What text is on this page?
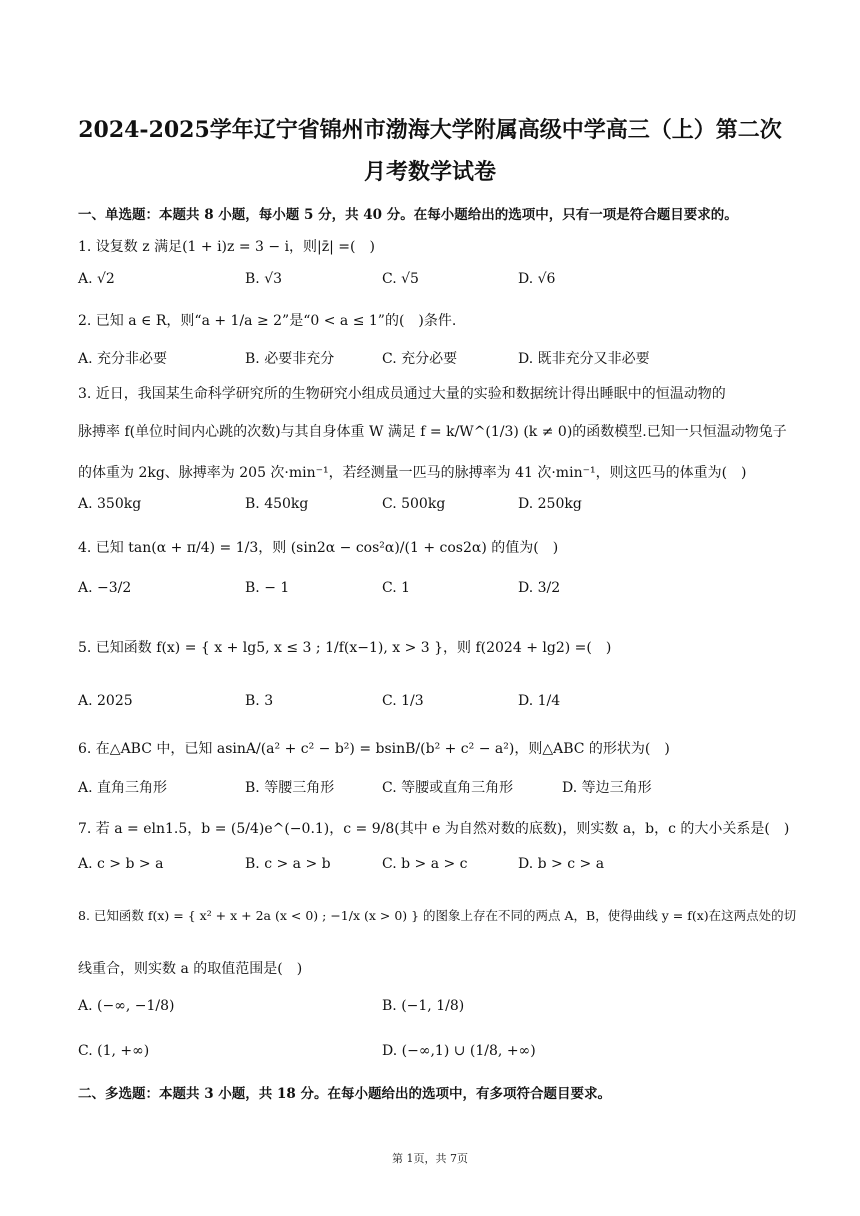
2024-2025学年辽宁省锦州市渤海大学附属高级中学高三（上）第二次
月考数学试卷
一、单选题：本题共 8 小题，每小题 5 分，共 40 分。在每小题给出的选项中，只有一项是符合题目要求的。
1. 设复数 z 满足(1 + i)z = 3 − i，则|z̄| =(　)
A. √2	B. √3	C. √5	D. √6
2. 已知 a ∈ R，则“a + 1/a ≥ 2”是“0 < a ≤ 1”的(　)条件.
A. 充分非必要	B. 必要非充分	C. 充分必要	D. 既非充分又非必要
3. 近日，我国某生命科学研究所的生物研究小组成员通过大量的实验和数据统计得出睡眠中的恒温动物的
脉搏率 f(单位时间内心跳的次数)与其自身体重 W 满足 f = k/W^(1/3) (k ≠ 0)的函数模型.已知一只恒温动物兔子
的体重为 2kg、脉搏率为 205 次·min⁻¹，若经测量一匹马的脉搏率为 41 次·min⁻¹，则这匹马的体重为(　)
A. 350kg	B. 450kg	C. 500kg	D. 250kg
4. 已知 tan(α + π/4) = 1/3，则 (sin2α − cos²α)/(1 + cos2α) 的值为(　)
A. −3/2	B. − 1	C. 1	D. 3/2
5. 已知函数 f(x) = { x + lg5, x ≤ 3 ; 1/f(x−1), x > 3 }，则 f(2024 + lg2) =(　)
A. 2025	B. 3	C. 1/3	D. 1/4
6. 在△ABC 中，已知 asinA/(a² + c² − b²) = bsinB/(b² + c² − a²)，则△ABC 的形状为(　)
A. 直角三角形	B. 等腰三角形	C. 等腰或直角三角形	D. 等边三角形
7. 若 a = eln1.5，b = (5/4)e^(−0.1)，c = 9/8(其中 e 为自然对数的底数)，则实数 a，b，c 的大小关系是(　)
A. c > b > a	B. c > a > b	C. b > a > c	D. b > c > a
8. 已知函数 f(x) = { x² + x + 2a (x < 0) ; −1/x (x > 0) } 的图象上存在不同的两点 A，B，使得曲线 y = f(x)在这两点处的切
线重合，则实数 a 的取值范围是(　)
A. (−∞, −1/8)	B. (−1, 1/8)
C. (1, +∞)	D. (−∞,1) ∪ (1/8, +∞)
二、多选题：本题共 3 小题，共 18 分。在每小题给出的选项中，有多项符合题目要求。
第 1页，共 7页
